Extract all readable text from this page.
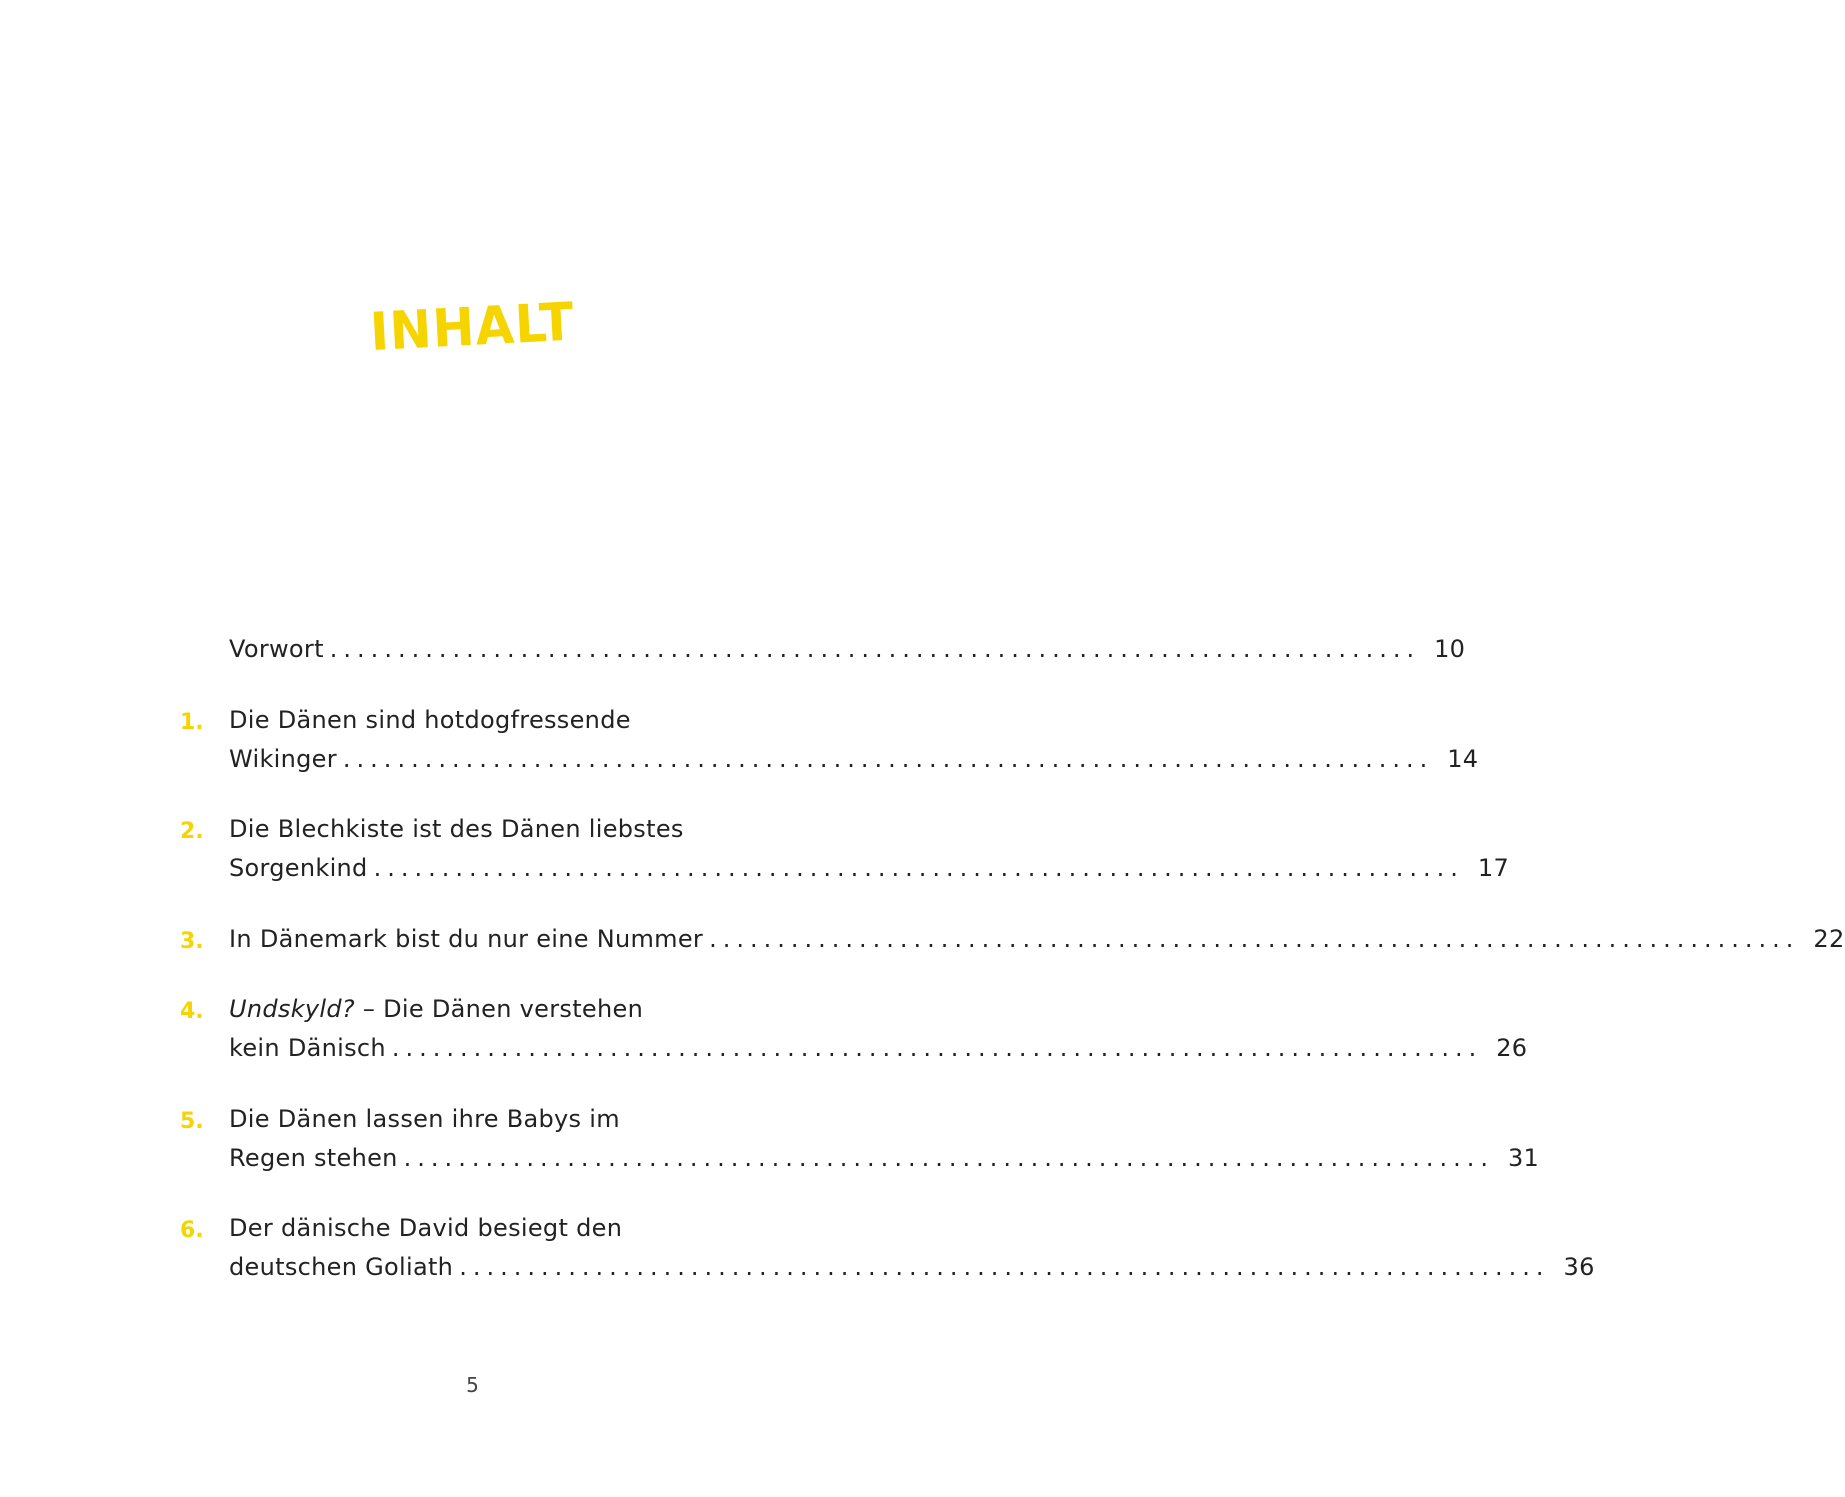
INHALT
Vorwort ................................................................................ 10
1.	Die Dänen sind hotdogfressende
Wikinger ................................................................................ 14
2.	Die Blechkiste ist des Dänen liebstes
Sorgenkind ................................................................................ 17
3.	In Dänemark bist du nur eine Nummer ................................................................................ 22
4.	Undskyld? – Die Dänen verstehen
kein Dänisch ................................................................................ 26
5.	Die Dänen lassen ihre Babys im
Regen stehen ................................................................................ 31
6.	Der dänische David besiegt den
deutschen Goliath ................................................................................ 36
5
